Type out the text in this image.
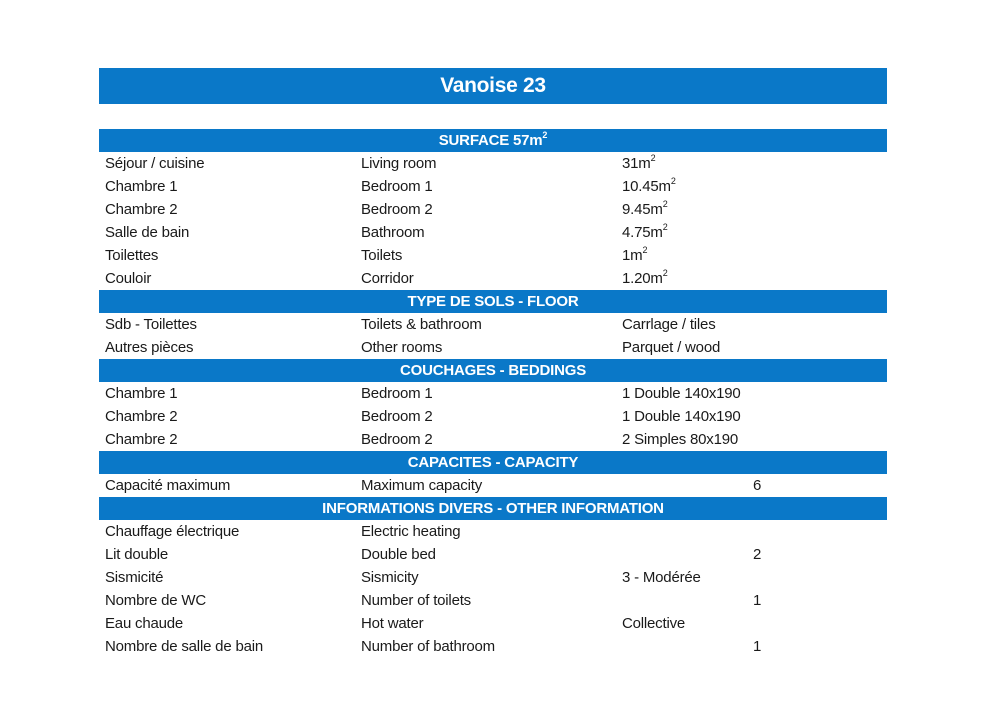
Vanoise 23
SURFACE $57m^2$
Séjour / cuisine	Living room	$31m^2$
Chambre 1	Bedroom 1	$10.45m^2$
Chambre 2	Bedroom 2	$9.45m^2$
Salle de bain	Bathroom	$4.75m^2$
Toilettes	Toilets	$1m^2$
Couloir	Corridor	$1.20m^2$
TYPE DE SOLS - FLOOR
Sdb - Toilettes	Toilets & bathroom	Carrlage / tiles
Autres pièces	Other rooms	Parquet / wood
COUCHAGES - BEDDINGS
Chambre 1	Bedroom 1	1 Double 140x190
Chambre 2	Bedroom 2	1 Double 140x190
Chambre 2	Bedroom 2	2 Simples 80x190
CAPACITES - CAPACITY
Capacité maximum	Maximum capacity	6
INFORMATIONS DIVERS - OTHER INFORMATION
Chauffage électrique	Electric heating
Lit double	Double bed	2
Sismicité	Sismicity	3 - Modérée
Nombre de WC	Number of toilets	1
Eau chaude	Hot water	Collective
Nombre de salle de bain	Number of bathroom	1
